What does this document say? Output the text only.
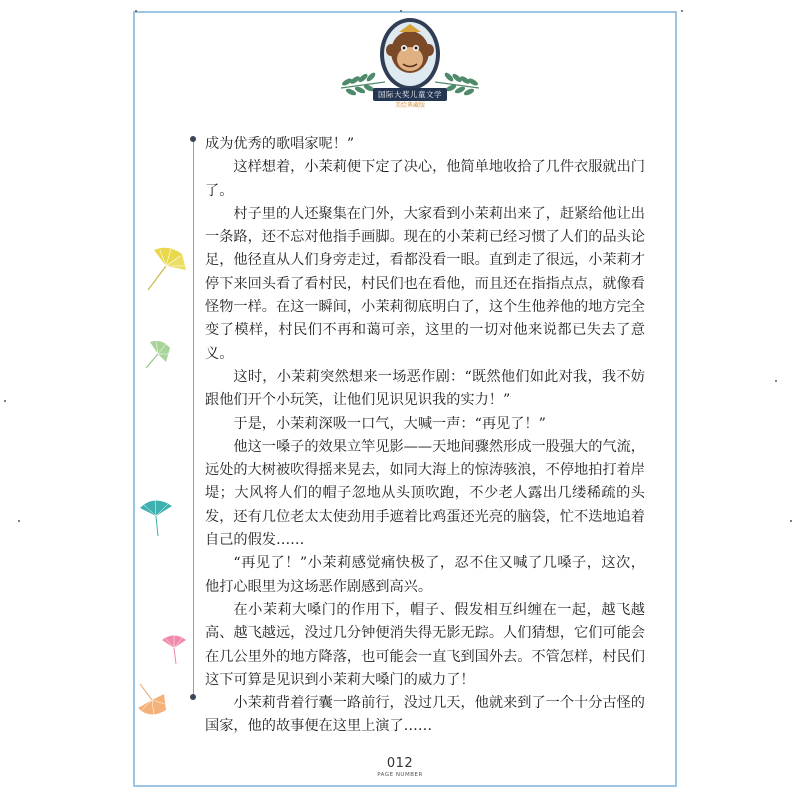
国际大奖儿童文学
美绘典藏版

成为优秀的歌唱家呢！”

这样想着，小茉莉便下定了决心，他简单地收拾了几件衣服就出门了。

村子里的人还聚集在门外，大家看到小茉莉出来了，赶紧给他让出一条路，还不忘对他指手画脚。现在的小茉莉已经习惯了人们的品头论足，他径直从人们身旁走过，看都没看一眼。直到走了很远，小茉莉才停下来回头看了看村民，村民们也在看他，而且还在指指点点，就像看怪物一样。在这一瞬间，小茉莉彻底明白了，这个生他养他的地方完全变了模样，村民们不再和蔼可亲，这里的一切对他来说都已失去了意义。

这时，小茉莉突然想来一场恶作剧：“既然他们如此对我，我不妨跟他们开个小玩笑，让他们见识见识我的实力！”

于是，小茉莉深吸一口气，大喊一声：“再见了！”

他这一嗓子的效果立竿见影——天地间骤然形成一股强大的气流，远处的大树被吹得摇来晃去，如同大海上的惊涛骇浪，不停地拍打着岸堤；大风将人们的帽子忽地从头顶吹跑，不少老人露出几缕稀疏的头发，还有几位老太太使劲用手遮着比鸡蛋还光亮的脑袋，忙不迭地追着自己的假发……

“再见了！”小茉莉感觉痛快极了，忍不住又喊了几嗓子，这次，他打心眼里为这场恶作剧感到高兴。

在小茉莉大嗓门的作用下，帽子、假发相互纠缠在一起，越飞越高、越飞越远，没过几分钟便消失得无影无踪。人们猜想，它们可能会在几公里外的地方降落，也可能会一直飞到国外去。不管怎样，村民们这下可算是见识到小茉莉大嗓门的威力了！

小茉莉背着行囊一路前行，没过几天，他就来到了一个十分古怪的国家，他的故事便在这里上演了……

012
PAGE NUMBER
